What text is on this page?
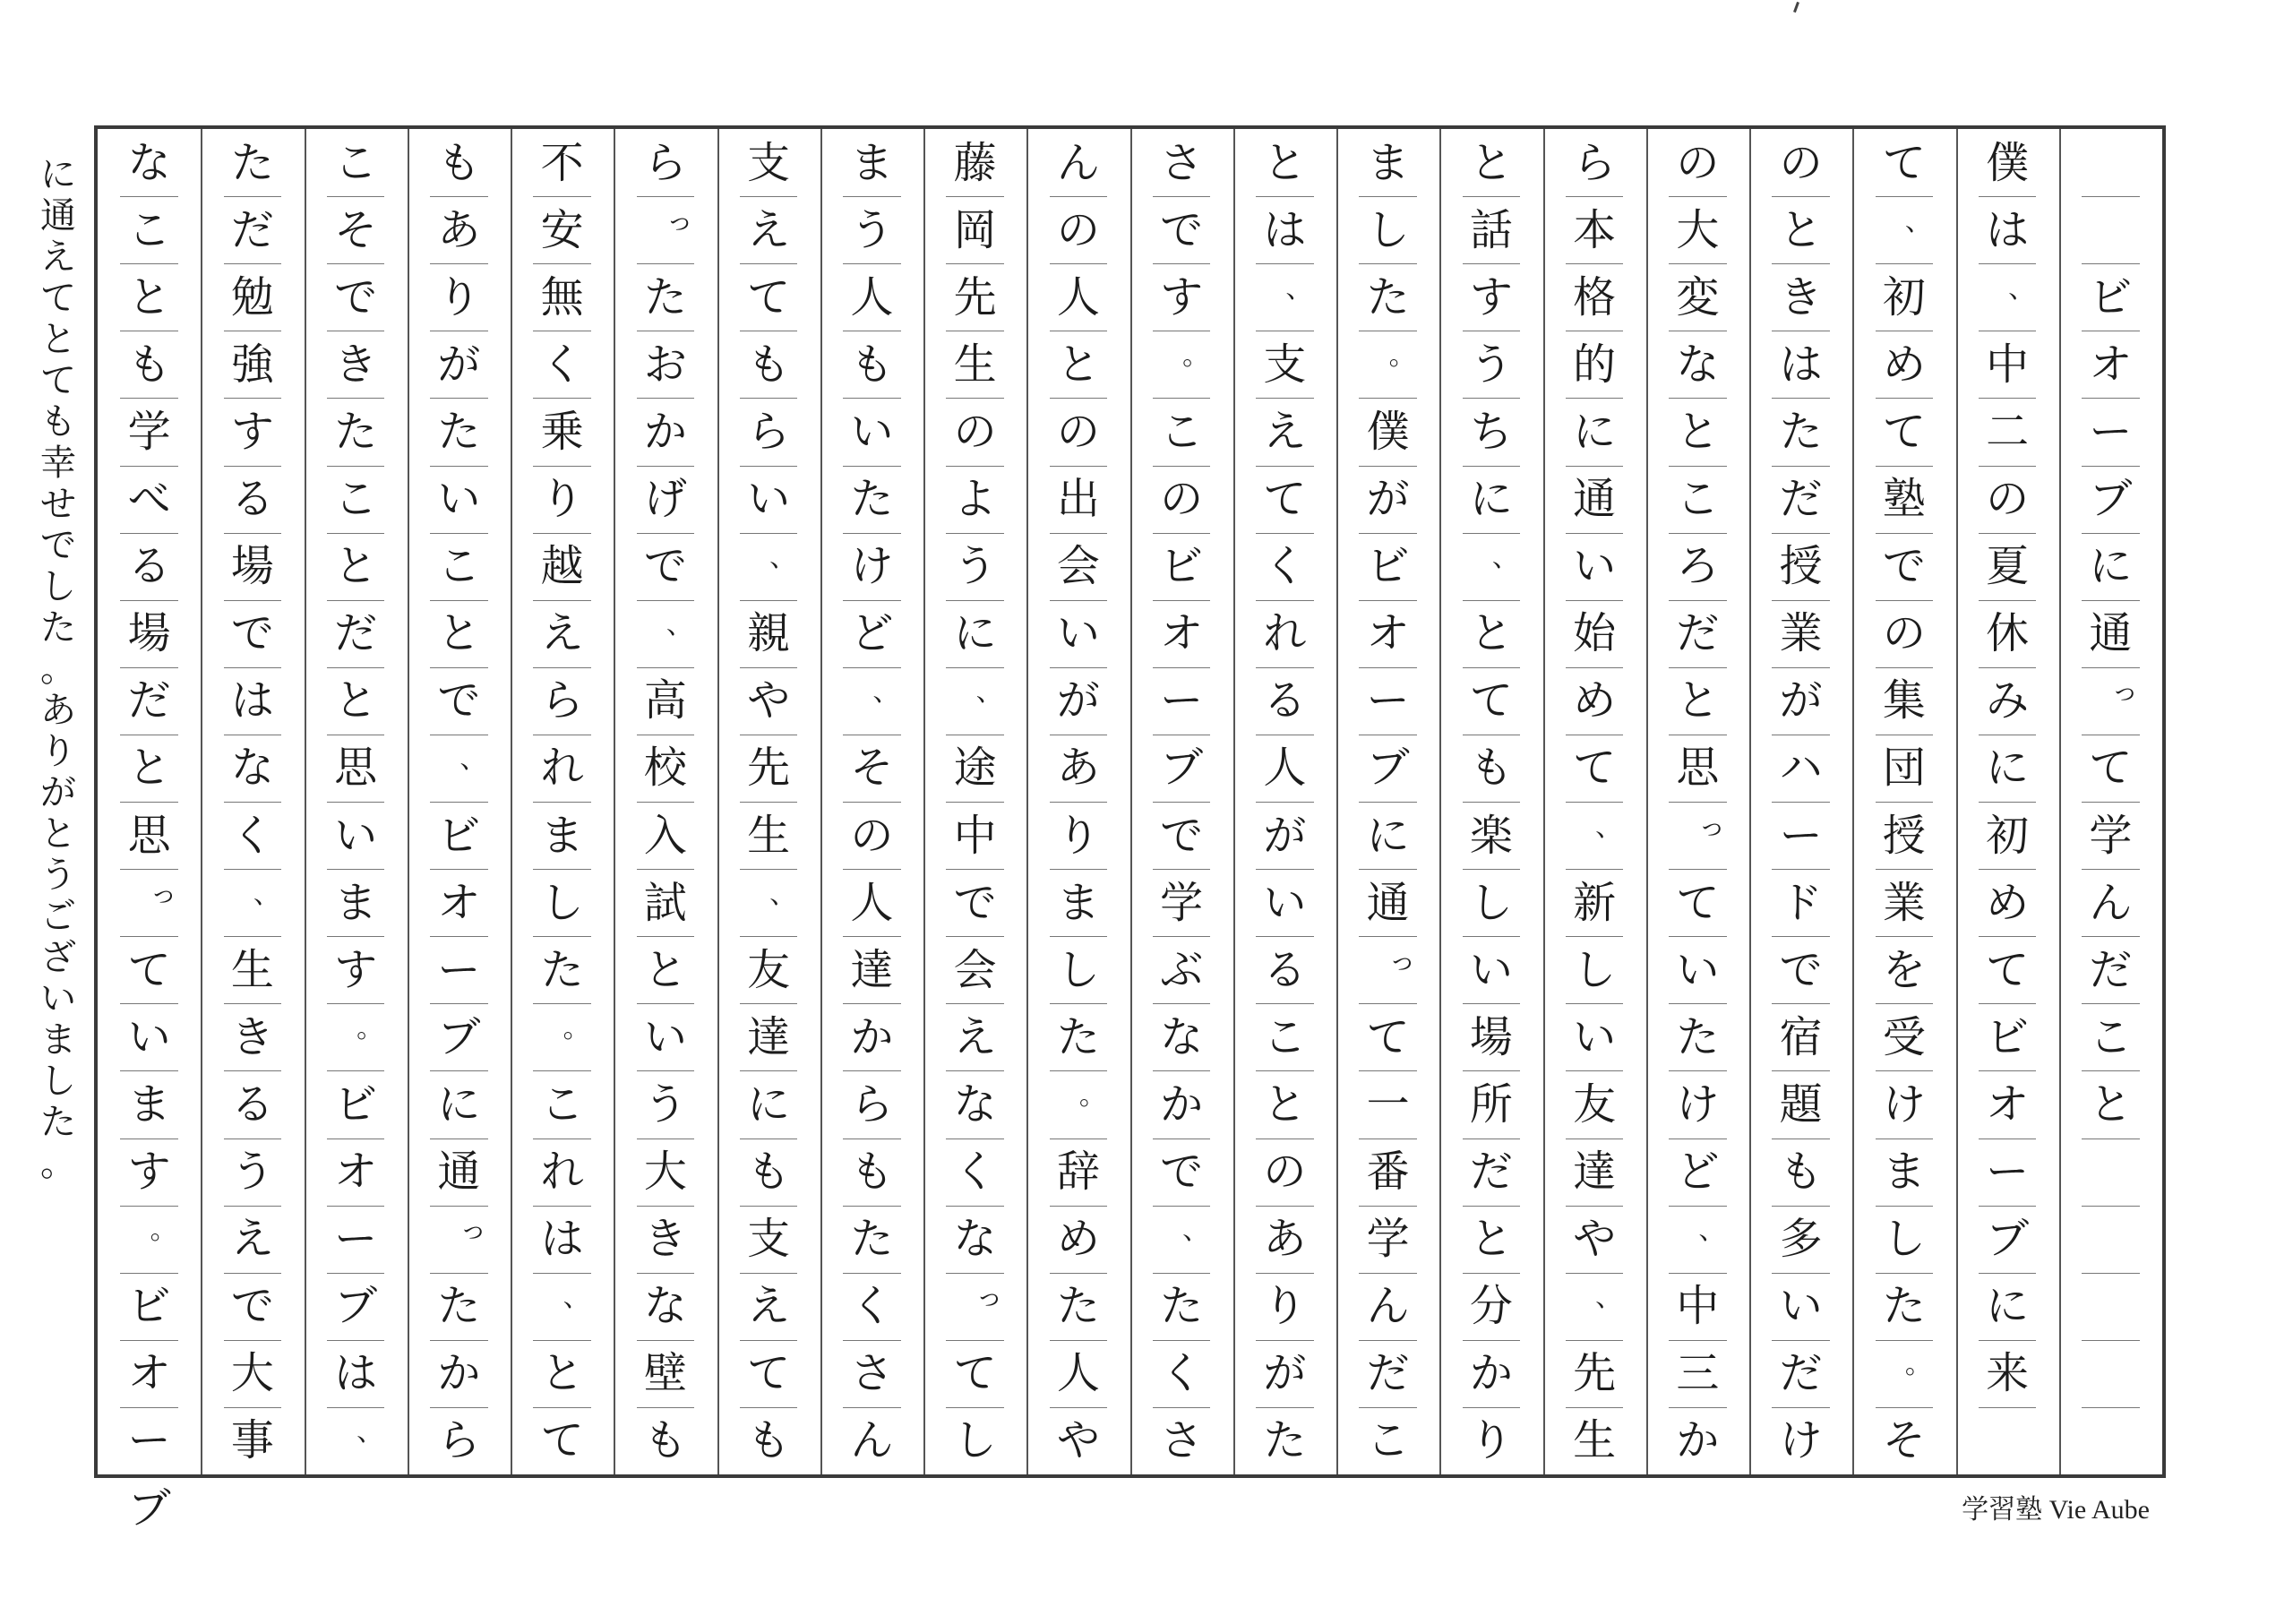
ビ
オ
ー
ブ
に
通
っ
て
学
ん
だ
こ
と
僕
は
、
中
二
の
夏
休
み
に
初
め
て
ビ
オ
ー
ブ
に
来
て
、
初
め
て
塾
で
の
集
団
授
業
を
受
け
ま
し
た
。
そ
の
と
き
は
た
だ
授
業
が
ハ
ー
ド
で
宿
題
も
多
い
だ
け
の
大
変
な
と
こ
ろ
だ
と
思
っ
て
い
た
け
ど
、
中
三
か
ら
本
格
的
に
通
い
始
め
て
、
新
し
い
友
達
や
、
先
生
と
話
す
う
ち
に
、
と
て
も
楽
し
い
場
所
だ
と
分
か
り
ま
し
た
。
僕
が
ビ
オ
ー
ブ
に
通
っ
て
一
番
学
ん
だ
こ
と
は
、
支
え
て
く
れ
る
人
が
い
る
こ
と
の
あ
り
が
た
さ
で
す
。
こ
の
ビ
オ
ー
ブ
で
学
ぶ
な
か
で
、
た
く
さ
ん
の
人
と
の
出
会
い
が
あ
り
ま
し
た
。
辞
め
た
人
や
藤
岡
先
生
の
よ
う
に
、
途
中
で
会
え
な
く
な
っ
て
し
ま
う
人
も
い
た
け
ど
、
そ
の
人
達
か
ら
も
た
く
さ
ん
支
え
て
も
ら
い
、
親
や
先
生
、
友
達
に
も
支
え
て
も
ら
っ
た
お
か
げ
で
、
高
校
入
試
と
い
う
大
き
な
壁
も
不
安
無
く
乗
り
越
え
ら
れ
ま
し
た
。
こ
れ
は
、
と
て
も
あ
り
が
た
い
こ
と
で
、
ビ
オ
ー
ブ
に
通
っ
た
か
ら
こ
そ
で
き
た
こ
と
だ
と
思
い
ま
す
。
ビ
オ
ー
ブ
は
、
た
だ
勉
強
す
る
場
で
は
な
く
、
生
き
る
う
え
で
大
事
な
こ
と
も
学
べ
る
場
だ
と
思
っ
て
い
ま
す
。
ビ
オ
ー
ブ
に
通
え
て
と
て
も
幸
せ
で
し
た
。
あ
り
が
と
う
ご
ざ
い
ま
し
た
。
学習塾 Vie Aube
